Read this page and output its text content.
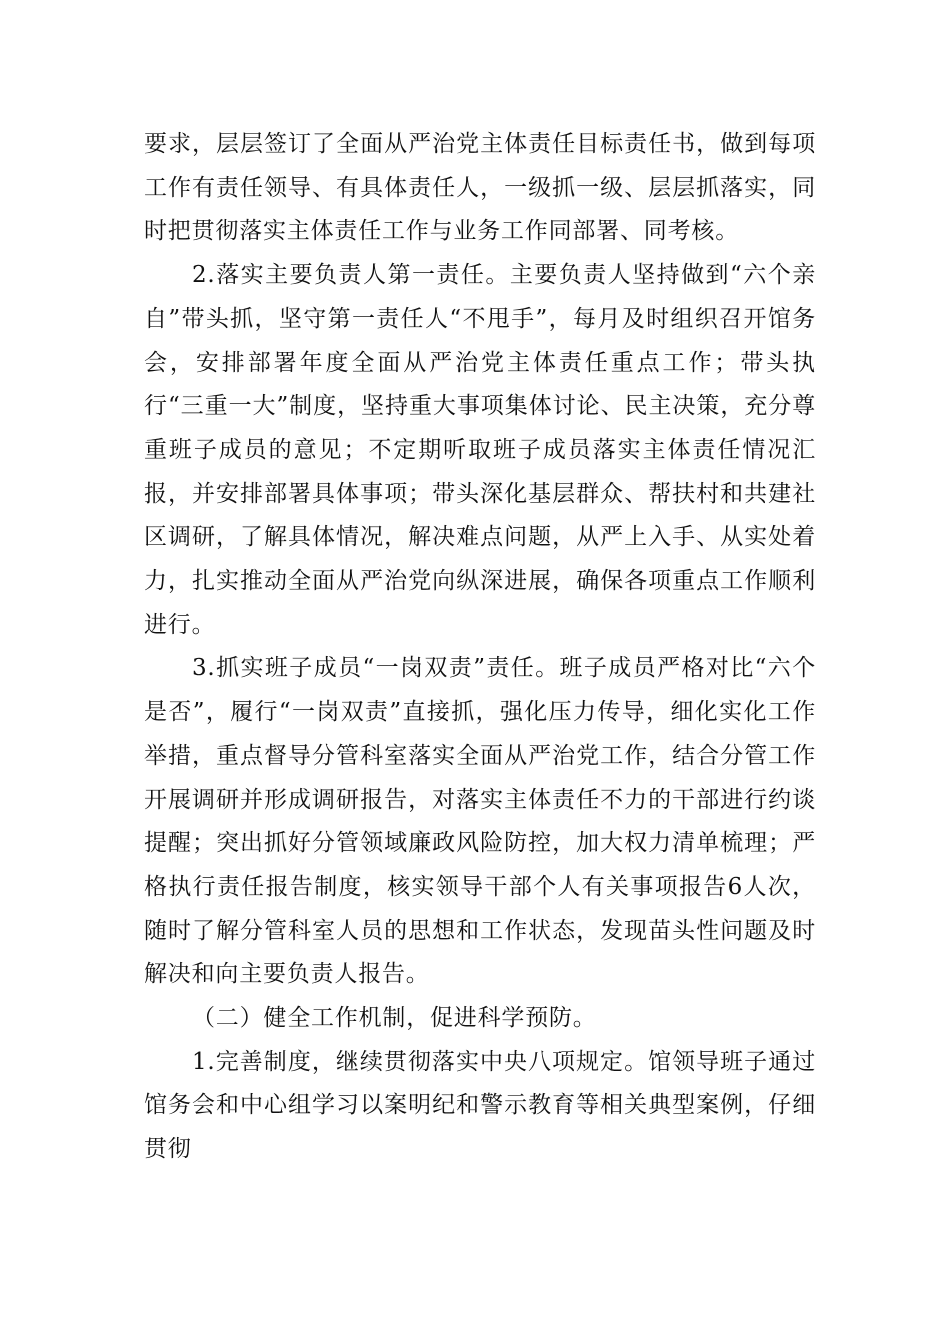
要求，层层签订了全面从严治党主体责任目标责任书，做到每项工作有责任领导、有具体责任人，一级抓一级、层层抓落实，同时把贯彻落实主体责任工作与业务工作同部署、同考核。

2.落实主要负责人第一责任。主要负责人坚持做到“六个亲自”带头抓，坚守第一责任人“不甩手”，每月及时组织召开馆务会，安排部署年度全面从严治党主体责任重点工作；带头执行“三重一大”制度，坚持重大事项集体讨论、民主决策，充分尊重班子成员的意见；不定期听取班子成员落实主体责任情况汇报，并安排部署具体事项；带头深化基层群众、帮扶村和共建社区调研，了解具体情况，解决难点问题，从严上入手、从实处着力，扎实推动全面从严治党向纵深进展，确保各项重点工作顺利进行。

3.抓实班子成员“一岗双责”责任。班子成员严格对比“六个是否”，履行“一岗双责”直接抓，强化压力传导，细化实化工作举措，重点督导分管科室落实全面从严治党工作，结合分管工作开展调研并形成调研报告，对落实主体责任不力的干部进行约谈提醒；突出抓好分管领域廉政风险防控，加大权力清单梳理；严格执行责任报告制度，核实领导干部个人有关事项报告6人次，随时了解分管科室人员的思想和工作状态，发现苗头性问题及时解决和向主要负责人报告。

（二）健全工作机制，促进科学预防。

1.完善制度，继续贯彻落实中央八项规定。馆领导班子通过馆务会和中心组学习以案明纪和警示教育等相关典型案例，仔细贯彻
